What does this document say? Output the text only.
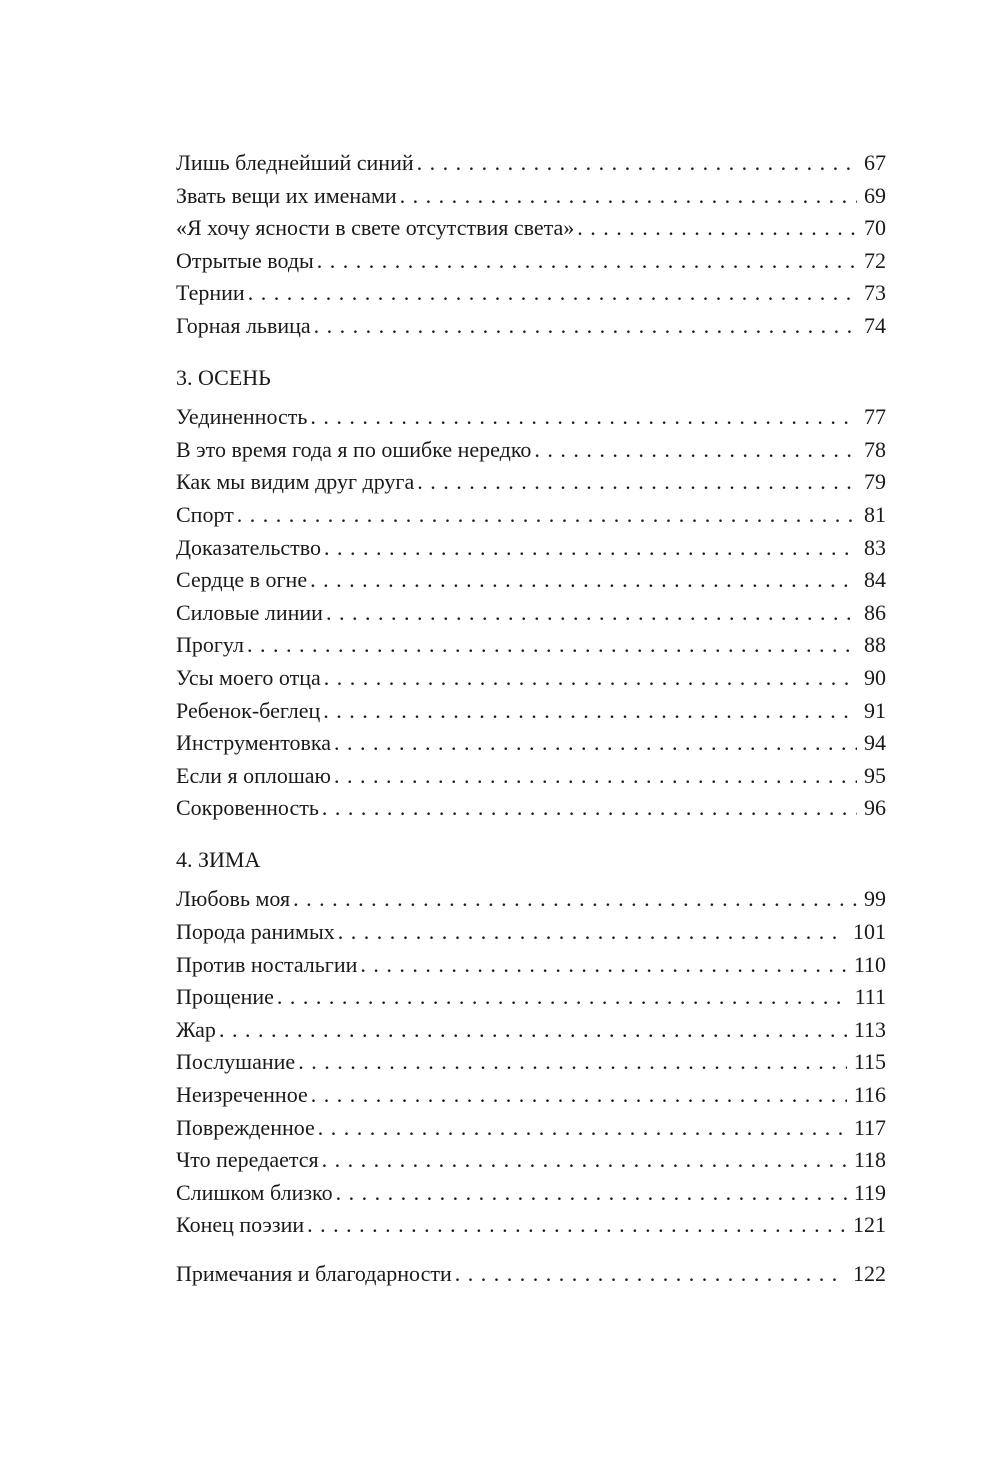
Лишь бледнейший синий . . .	67
Звать вещи их именами . . .	69
«Я хочу ясности в свете отсутствия света» . . .	70
Отрытые воды . . .	72
Тернии . . .	73
Горная львица . . .	74
3. ОСЕНЬ
Уединенность . . .	77
В это время года я по ошибке нередко . . .	78
Как мы видим друг друга . . .	79
Спорт . . .	81
Доказательство . . .	83
Сердце в огне . . .	84
Силовые линии . . .	86
Прогул . . .	88
Усы моего отца . . .	90
Ребенок-беглец . . .	91
Инструментовка . . .	94
Если я оплошаю . . .	95
Сокровенность . . .	96
4. ЗИМА
Любовь моя . . .	99
Порода ранимых . . .	101
Против ностальгии . . .	110
Прощение . . .	111
Жар . . .	113
Послушание . . .	115
Неизреченное . . .	116
Поврежденное . . .	117
Что передается . . .	118
Слишком близко . . .	119
Конец поэзии . . .	121
Примечания и благодарности . . .	122
